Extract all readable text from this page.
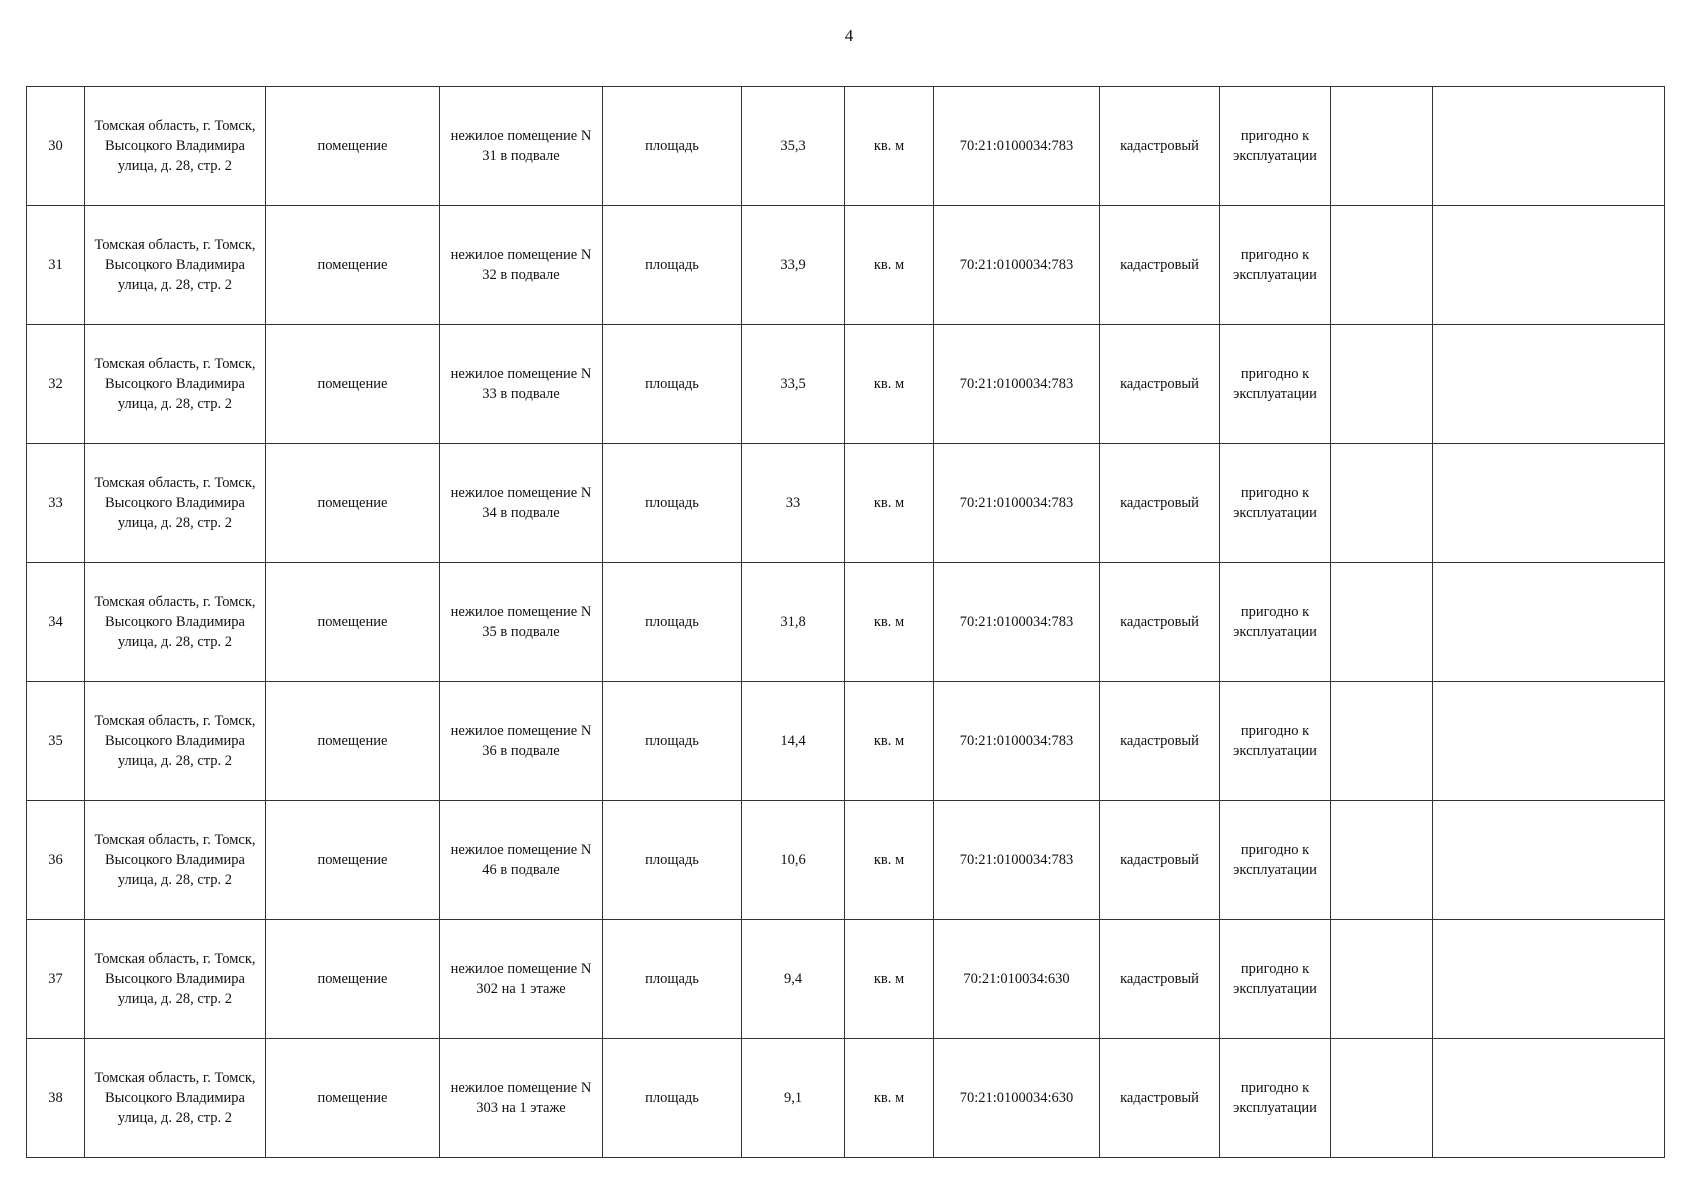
4
30	Томская область, г. Томск, Высоцкого Владимира улица, д. 28, стр. 2	помещение	нежилое помещение N 31 в подвале	площадь	35,3	кв. м	70:21:0100034:783	кадастровый	пригодно к эксплуатации		
31	Томская область, г. Томск, Высоцкого Владимира улица, д. 28, стр. 2	помещение	нежилое помещение N 32 в подвале	площадь	33,9	кв. м	70:21:0100034:783	кадастровый	пригодно к эксплуатации		
32	Томская область, г. Томск, Высоцкого Владимира улица, д. 28, стр. 2	помещение	нежилое помещение N 33 в подвале	площадь	33,5	кв. м	70:21:0100034:783	кадастровый	пригодно к эксплуатации		
33	Томская область, г. Томск, Высоцкого Владимира улица, д. 28, стр. 2	помещение	нежилое помещение N 34 в подвале	площадь	33	кв. м	70:21:0100034:783	кадастровый	пригодно к эксплуатации		
34	Томская область, г. Томск, Высоцкого Владимира улица, д. 28, стр. 2	помещение	нежилое помещение N 35 в подвале	площадь	31,8	кв. м	70:21:0100034:783	кадастровый	пригодно к эксплуатации		
35	Томская область, г. Томск, Высоцкого Владимира улица, д. 28, стр. 2	помещение	нежилое помещение N 36 в подвале	площадь	14,4	кв. м	70:21:0100034:783	кадастровый	пригодно к эксплуатации		
36	Томская область, г. Томск, Высоцкого Владимира улица, д. 28, стр. 2	помещение	нежилое помещение N 46 в подвале	площадь	10,6	кв. м	70:21:0100034:783	кадастровый	пригодно к эксплуатации		
37	Томская область, г. Томск, Высоцкого Владимира улица, д. 28, стр. 2	помещение	нежилое помещение N 302 на 1 этаже	площадь	9,4	кв. м	70:21:010034:630	кадастровый	пригодно к эксплуатации		
38	Томская область, г. Томск, Высоцкого Владимира улица, д. 28, стр. 2	помещение	нежилое помещение N 303 на 1 этаже	площадь	9,1	кв. м	70:21:0100034:630	кадастровый	пригодно к эксплуатации		
